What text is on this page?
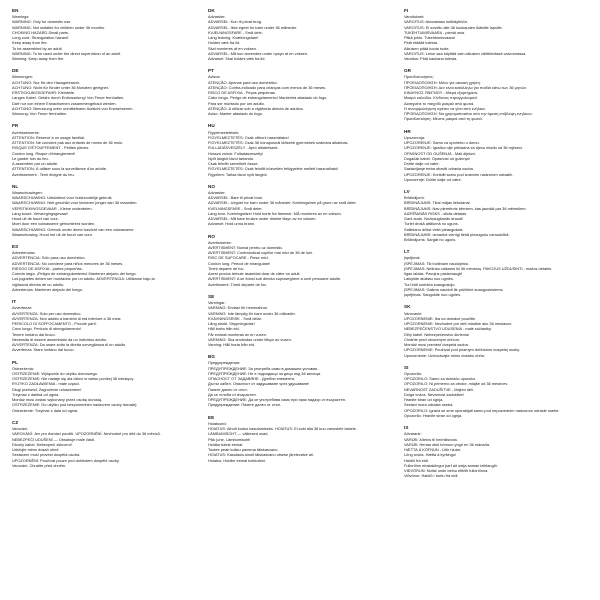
EN
Warnings:
WARNING: Only for domestic use.
WARNING: Not suitable for children under 36 months.
CHOKING HAZARD-Small parts.
Long cord. Strangulation hazard!
Keep away from fire.
To be assembled by an adult.
WARNING: To be used under the direct supervision of an adult.
Warning: Keep away from fire.
DE
Warnungen:
ACHTUNG: Nur für den Hausgebrauch.
ACHTUNG: Nicht für Kinder unter 36 Monaten geeignet.
ERSTICKUNGSGEFAHR: Kleinteile.
Langes Kabel. Gefahr durch Erdrosselung! Von Feuer fernhalten.
Darf nur von einem Erwachsenen zusammengebaut werden.
ACHTUNG: Benutzung unter unmittelbarer Aufsicht von Erwachsenen.
Warnung: Von Feuer fernhalten.
FR
Avertissements:
ATTENTION: Réservé à un usage familial.
ATTENTION: Ne convient pas aux enfants de moins de 36 mois.
RISQUE D'ÉTOUFFEMENT - Petites pièces.
Cordon long. Risque d'étranglement!
Le garder loin du feu.
A assembler par un adulte.
ATTENTION: À utiliser sous la surveillance d'un adulte.
Avertissement : Tenir éloigné du feu.
NL
Waarschuwingen:
WAARSCHUWING: Uitsluitend voor huishoudelijk gebruik.
WAARSCHUWING: Niet geschikt voor kinderen jonger dan 36 maanden.
VERSTIKKINGSGEVAAR - Kleine onderdelen.
Lang koord. Verwurgingsgevaar!
Houd uit de buurt van vuur.
Moet door een volwassene gemonteerd worden.
WAARSCHUWING: Gebruik onder direct toezicht van een volwassene.
Waarschuwing: Houd het uit de buurt van vuur.
ES
Advertencias:
ADVERTENCIA: Sólo para uso doméstico.
ADVERTENCIA: No conviene para niños menores de 36 meses.
RIESGO DE ASFIXIA - partes pequeñas.
Cuerda larga. ¡Peligro de estrangulamiento! Mantener alejado del fuego.
Los juguetes deben ser montados por un adulto. ADVERTENCIA: Utilizarse bajo la
vigilancia directa de un adulto.
Advertencia: Mantener alejado del fuego.
IT
Avvertenze:
AVVERTENZA: Solo per uso domestico.
AVVERTENZA: Non adatto a bambini di età inferiore a 36 mesi.
PERICOLO DI SOFFOCAMENTO - Piccole parti.
Cavo lungo. Pericolo di strangolamento!
Tenere lontano dal fuoco.
Necessita di essere assemblato da un individuo adulto.
AVVERTENZA: Da usare sotto la diretta sorveglianza di un adulto.
Avvertenza: Stare lontano dal fuoco.
PL
Ostrzeżenia:
OSTRZEŻENIE: Wyłącznie do użytku domowego.
OSTRZEŻENIE: Nie nadaje się dla dzieci w wieku poniżej 36 miesięcy.
RYZYKO ZADŁAWIENIA - małe części.
Długi przewód. Zagrożenie uduszeniem!
Trzymać z daleka od ognia.
Montaż musi zostać wykonany przez osobę dorosłą.
OSTRZEŻENIE: Do użytku pod bezpośrednim nadzorem osoby dorosłej.
Ostrzeżenie: Trzymać z dala od ognia.
CZ
Varování:
VAROVÁNÍ: Jen pro domácí použití. UPOZORNĚNÍ: Nevhodné pro děti do 36 měsíců.
NEBEZPEČÍ UDUŠENÍ — Obsahuje malé části.
Dlouhý kabel. Nebezpečí zškrcení!
Udržujte mimo dosah ohně.
Sestavení musí provést dospělá osoba.
UPOZORNĚNÍ: Používat pouze pod dohledem dospělé osoby.
Varování: Chraňte před ohněm.
DK
Advarsler:
ADVARSEL: Kun til privat brug.
ADVARSEL: Ikke egnet for børn under 36 måneder.
KVÆLNINGSFARE - Små dele.
Lang ledning. Kvælningsfare!
Holdes væk fra ild.
Skal monteres af en voksen.
ADVARSEL: Må kun anvendes under opsyn af en voksen.
Advarsel: Skal holdes væk fra ild.
PT
Avisos:
ATENÇÃO: Apenas para uso doméstico.
ATENÇÃO: Contra-indicado para crianças com menos de 36 meses.
RISCO DE ASFIXIA - Peças pequenas.
Cabo longo. Perigo de estrangulamento! Mantenha afastado do fogo.
Para ser montado por um adulto.
ATENÇÃO: A utilizar sob a vigilância directa de adultos.
Aviso: Manter afastado do fogo.
HU
Figyelmeztetések:
FIGYELMEZTETÉS: Csak otthoni használatra!
FIGYELMEZTETÉS: Csak 36 hónaposnál idősebb gyermekek számára alkalmas.
FULLADÁSVESZÉLY - Apró alkatrészek.
Hosszú zsinór. Fulladásveszély!
Nyílt lángtól távol tartandó.
Csak felnőtt szerelheti össze.
FIGYELMEZTETÉS: Csak felnőtt közvetlen felügyelete mellett használható!
Figyelem: Tartsa távol nyílt lángtól.
NO
Advarsler:
ADVARSEL: Bare til privat bruk.
ADVARSEL: Uegnet for barn under 36 måneder. Kvelningsfare på grunn av små deler.
KVELNINGSFARE - Små deler.
Lang snor. Kvelningsfare! Hold borte fra flammer. MÅ monteres av en voksen.
ADVARSEL: Må bare brukes under direkte tilsyn av en voksen.
Advarsel: Hold unna brann.
RO
Avertismente:
AVERTISMENT: Numai pentru uz domestic.
AVERTISMENT: Contraindicat copiilor mai mici de 36 de luni.
RISC DE SUFOCARE - Piese mici.
Cordon lung. Pericol de strangulare!
Țineți departe de foc.
Acest produs trebuie asamblat doar de către un adult.
AVERTISMENT: A se folosi sub directa supraveghere a unei persoane adulte.
Avertisment: Țineți departe de foc.
SE
Varningar:
VARNING: Endast för hemmabruk.
VARNING: Inte lämplig för barn under 36 månader.
KVÄVNINGSRISK - Små delar.
Lång sladd. Strypningsrisk!
Håll borta från eld.
Får endast monteras av en vuxen.
VARNING: Ska användas under tillsyn av vuxen.
Varning: Håll borta från eld.
BG
Предупреждения:
ПРЕДУПРЕЖДЕНИЕ: За употреба само в домашни условия.
ПРЕДУПРЕЖДЕНИЕ: Не е подходящо за деца под 36 месеца.
ОПАСНОСТ ОТ ЗАДАВЯНЕ - Дребни елементи.
Дълъг кабел. Опасност от задушаване чрез удушаване!
Пазете далеч от огън.
Да се сглоба от възрастен.
ПРЕДУПРЕЖДЕНИЕ: Да се употребява само при пряк надзор от възрастен.
Предупреждение: Пазете далеч от огън.
EE
Hoiatused:
HOIATUS: Ainult kodus kasutamiseks. HOIATUS: Ei sobi alla 36 kuu vanustele lastele.
LÄMBUMISOHT — väikesed osad.
Pikk juhe. Lämbumisoht!
Hoidke tulest eemal.
Tooteе peab kokku panema täiskasvanu.
HOIATUS: Kasutada ainult täiskasvanu otsese järelevalve all.
Hoiatus: Hoidke eemal tulekolest.
FI
Varoitukset:
VAROITUS: Ainoastaan kotikäyttöön.
VAROITUS: Ei sovellu alle 36 kuukauden ikäisille lapsille.
TUKEHTUMISVAARA - pieniä osia.
Pitkä johto. Tukehtumisvaara!
Pidä etäällä tulesta.
Aikuisen pitää koota tuote.
VAROITUS: Lelun saa käyttää vain aikuisen välittömässä valvonnassa.
Varoitus: Pidä kaukana tulesta.
GR
Προειδοποιήσεις:
ΠΡΟΕΙΔΟΠΟΙΗΣΗ: Μόνο για οικιακή χρήση.
ΠΡΟΕΙΔΟΠΟΙΗΣΗ: Δεν είναι κατάλληλο για παιδιά κάτω των 36 μηνών.
ΚΙΝΔΥΝΟΣ ΠΝΙΓΜΟΥ - Μικρά εξαρτήματα.
Μακρύ καλώδιο. Κίνδυνος στραγγαλισμού!
Διατηρείτε το παιχνίδι μακριά από φωτιά.
Η συναρμολόγηση πρέπει να γίνει από ενήλικα.
ΠΡΟΕΙΔΟΠΟΙΗΣΗ: Να χρησιμοποιείται υπό την άμεση επίβλεψη ενηλίκου.
Προειδοποίηση: Μένετε μακριά από τη φωτιά.
HR
Upozorenja:
UPOZORENJE: Samo za upotrebu u domu.
UPOZORENJE: Igračka nije prikladna za djecu mlađu od 36 mjeseci.
OPASNOST OD GUŠENJA - Mali dijelovi.
Dugačak kabel. Opasnost od gušenja!
Držite dalje od vatre.
Sastavljanje treba obaviti odrasla osoba.
UPOZORENJE: Koristiti samo pod izravnim nadzorom odraslih.
Upozorenje: Držite dalje od vatre.
LV
Brīdinājumi:
BRĪDINĀJUMS: Tikai mājas lietošanai.
BRĪDINĀJUMS: Nav piemērots bērniem, kas jaunāki par 36 mēnešiem.
AIZRĪŠANĀS RISKS - sīkās detaļas.
Garš auds. Nožņaugšanās draudi!
Turiet drošā attālumā no uguns.
Salikšanu drīkst veikt pieaugušais.
BRĪDINĀJUMS: Izmantot vienīgi tiešā pieaugušo uzraudzībā.
Brīdinājums: Sargāt no uguns.
LT
Įspėjimai:
ĮSPĖJIMAS: Tik buitiniam naudojimui.
ĮSPĖJIMAS: Netinka vaikams iki 36 mėnesių. PAVOJUS UŽDUSINTI - mažos detalės.
Ilgas laidas. Pavojus pasismaugti!
Laikykite atokiau nuo ugnies.
Turi būti surinkta suaugusiojo.
ĮSPĖJIMAS: Galima naudoti tik prižiūrint suaugusiesiems.
Įspėjimas: Saugokite nuo ugnies.
SK
Varovanie:
UPOZORNENIE: Iba na domáce použitie.
UPOZORNENIE: Nevhodné pre deti mladšie ako 36 mesiacov.
NEBEZPEČENSTVO UDUSENIA - malé súčiastky.
Dlhý kábel. Nebezpečenstvo škrtenia!
Chráňte pred otvoreným ohňom.
Montáž musí previesť dospelá osoba.
UPOZORNENIE: Používať pod priamym dohľadom dospelej osoby.
Upozornenie: Uchovávajte mimo dosahu ohňa.
SI
Opozorila:
OPOZORILO: Samo za domačo uporabo.
OPOZORILO: Ni primerno za otroke, mlajše od 36 mesecev.
NEVARNOST ZADUŠITVE - Majhni deli.
Dolga vrvica. Nevarnost zadušitve!
Hranite stran od ognja.
Sestavi mora odrasla oseba.
OPOZORILO: Igrača se sme uporabljati samo pod neposrednim nadzorom odrasle osebe.
Opozorilo: Hranite stran od ognja.
IS
Aðvaranir:
VARÚÐ: Aðeins til heimilisnota.
VARÚÐ: Hentar ekki börnum yngri en 36 mánaða.
HÆTTA Á KÖFNUN - Litlir hlutar.
Löng snúra. Hætta á kyrkingu!
Haldið frá eldi.
Fullorðinn einstaklingur þarf að setja saman leikfangið.
VIÐVÖRUN: Notist undir beinu eftirliti fullorðinna.
Viðvörun: Haldið í burtu frá eldi.
